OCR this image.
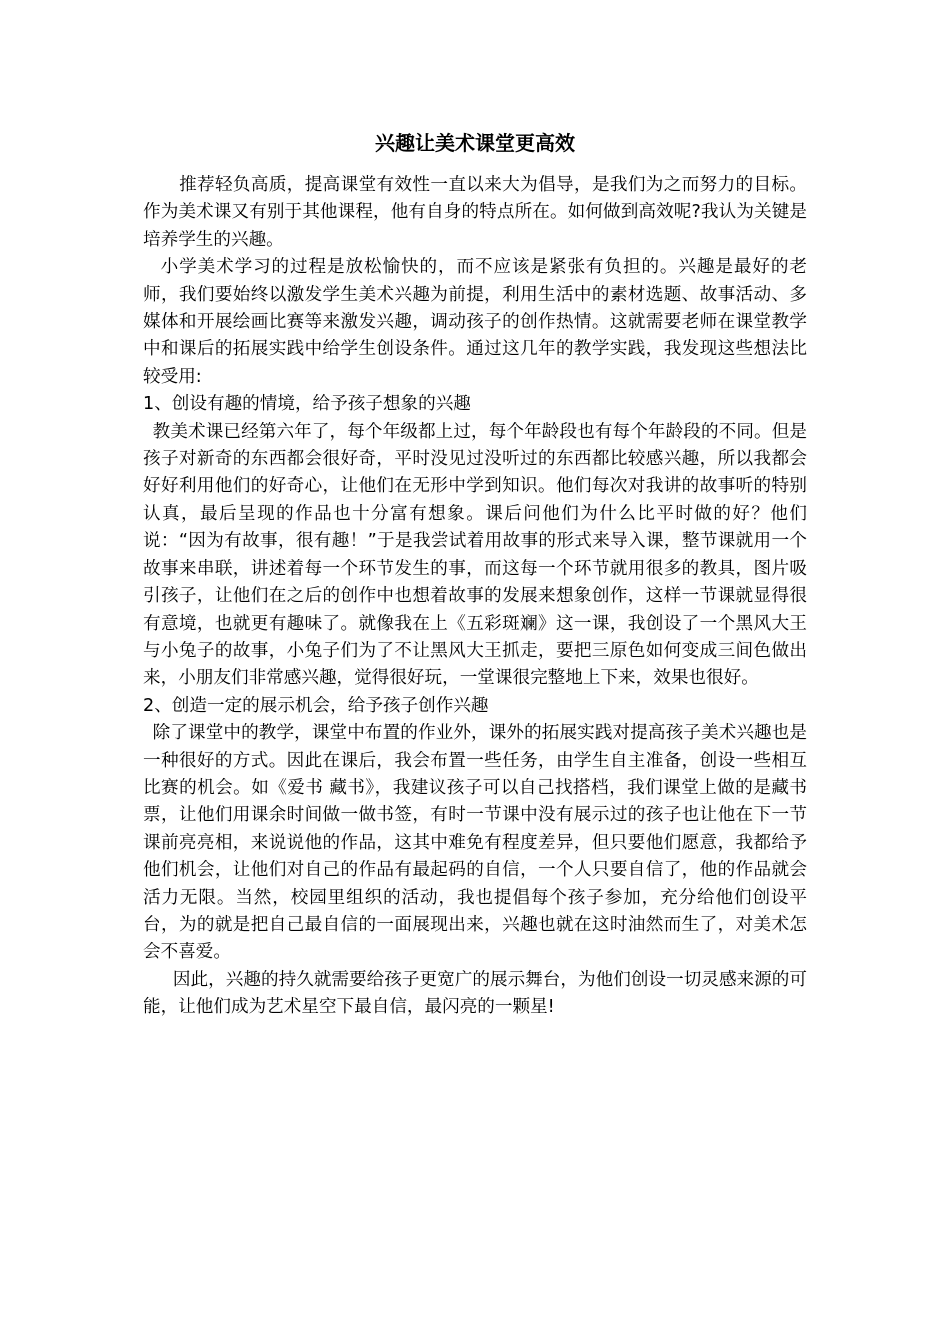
兴趣让美术课堂更高效

推荐轻负高质，提高课堂有效性一直以来大为倡导，是我们为之而努力的目标。作为美术课又有别于其他课程，他有自身的特点所在。如何做到高效呢?我认为关键是培养学生的兴趣。

小学美术学习的过程是放松愉快的，而不应该是紧张有负担的。兴趣是最好的老师，我们要始终以激发学生美术兴趣为前提，利用生活中的素材选题、故事活动、多媒体和开展绘画比赛等来激发兴趣，调动孩子的创作热情。这就需要老师在课堂教学中和课后的拓展实践中给学生创设条件。通过这几年的教学实践，我发现这些想法比较受用:

1、创设有趣的情境，给予孩子想象的兴趣

教美术课已经第六年了，每个年级都上过，每个年龄段也有每个年龄段的不同。但是孩子对新奇的东西都会很好奇，平时没见过没听过的东西都比较感兴趣，所以我都会好好利用他们的好奇心，让他们在无形中学到知识。他们每次对我讲的故事听的特别认真，最后呈现的作品也十分富有想象。课后问他们为什么比平时做的好？他们说：“因为有故事，很有趣！”于是我尝试着用故事的形式来导入课，整节课就用一个故事来串联，讲述着每一个环节发生的事，而这每一个环节就用很多的教具，图片吸引孩子，让他们在之后的创作中也想着故事的发展来想象创作，这样一节课就显得很有意境，也就更有趣味了。就像我在上《五彩斑斓》这一课，我创设了一个黑风大王与小兔子的故事，小兔子们为了不让黑风大王抓走，要把三原色如何变成三间色做出来，小朋友们非常感兴趣，觉得很好玩，一堂课很完整地上下来，效果也很好。

2、创造一定的展示机会，给予孩子创作兴趣

除了课堂中的教学，课堂中布置的作业外，课外的拓展实践对提高孩子美术兴趣也是一种很好的方式。因此在课后，我会布置一些任务，由学生自主准备，创设一些相互比赛的机会。如《爱书 藏书》，我建议孩子可以自己找搭档，我们课堂上做的是藏书票，让他们用课余时间做一做书签，有时一节课中没有展示过的孩子也让他在下一节课前亮亮相，来说说他的作品，这其中难免有程度差异，但只要他们愿意，我都给予他们机会，让他们对自己的作品有最起码的自信，一个人只要自信了，他的作品就会活力无限。当然，校园里组织的活动，我也提倡每个孩子参加，充分给他们创设平台，为的就是把自己最自信的一面展现出来，兴趣也就在这时油然而生了，对美术怎会不喜爱。

因此，兴趣的持久就需要给孩子更宽广的展示舞台，为他们创设一切灵感来源的可能，让他们成为艺术星空下最自信，最闪亮的一颗星!
